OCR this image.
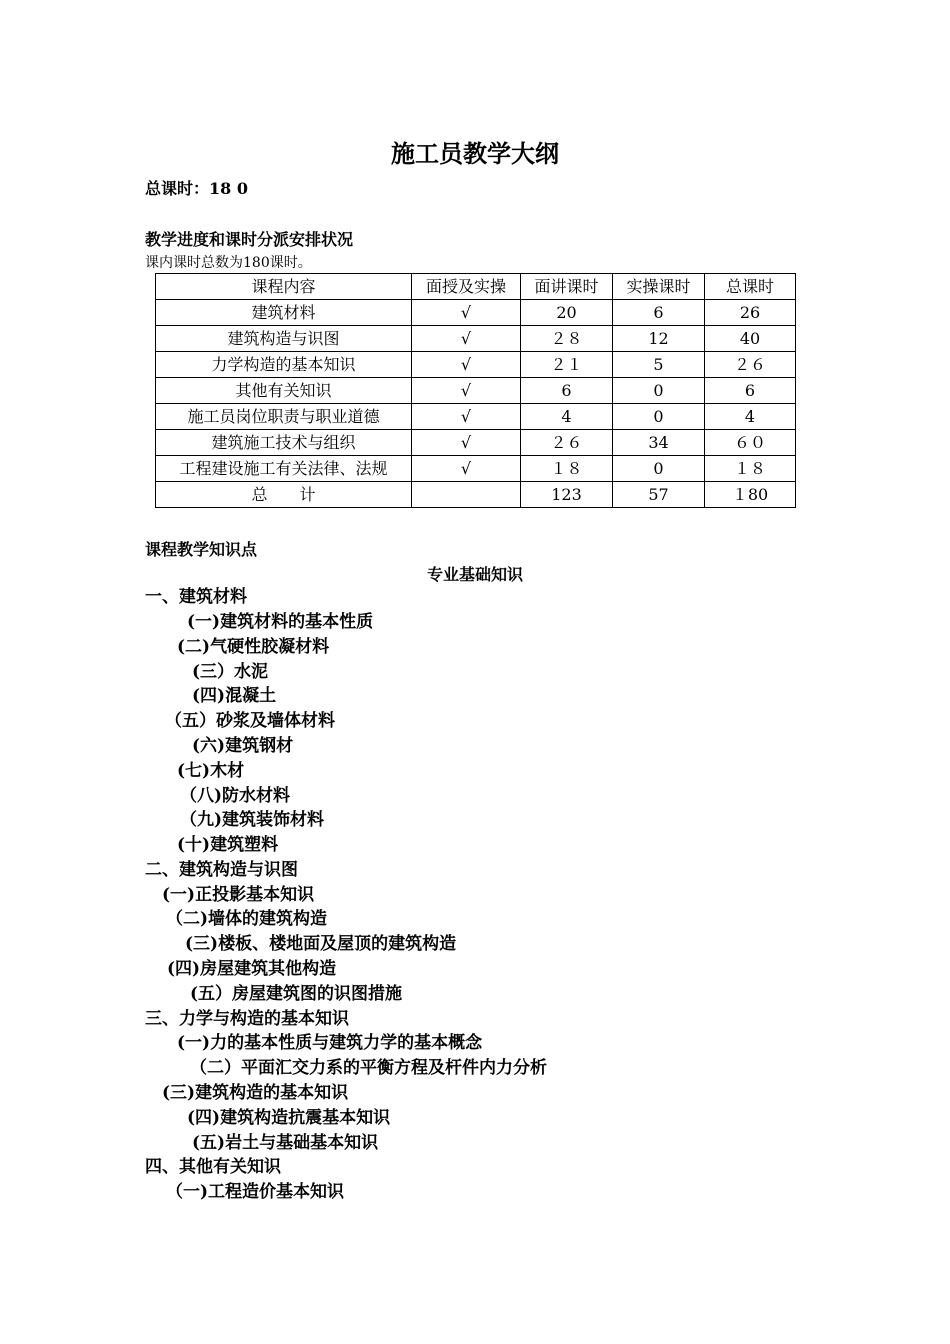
施工员教学大纲
总课时：18 0
教学进度和课时分派安排状况
课内课时总数为180课时。
课程内容	面授及实操	面讲课时	实操课时	总课时
建筑材料	√	20	6	26
建筑构造与识图	√	２８	12	40
力学构造的基本知识	√	２１	5	２６
其他有关知识	√	6	0	6
施工员岗位职责与职业道德	√	4	0	4
建筑施工技术与组织	√	２６	34	６０
工程建设施工有关法律、法规	√	１８	0	１８
总　　计		123	57	１80
课程教学知识点
专业基础知识
一、建筑材料
(一)建筑材料的基本性质
(二)气硬性胶凝材料
(三）水泥
(四)混凝土
（五）砂浆及墙体材料
(六)建筑钢材
(七)木材
（八)防水材料
（九)建筑装饰材料
(十)建筑塑料
二、建筑构造与识图
(一)正投影基本知识
（二)墙体的建筑构造
(三)楼板、楼地面及屋顶的建筑构造
(四)房屋建筑其他构造
(五）房屋建筑图的识图措施
三、力学与构造的基本知识
(一)力的基本性质与建筑力学的基本概念
（二）平面汇交力系的平衡方程及杆件内力分析
(三)建筑构造的基本知识
(四)建筑构造抗震基本知识
(五)岩土与基础基本知识
四、其他有关知识
（一)工程造价基本知识
